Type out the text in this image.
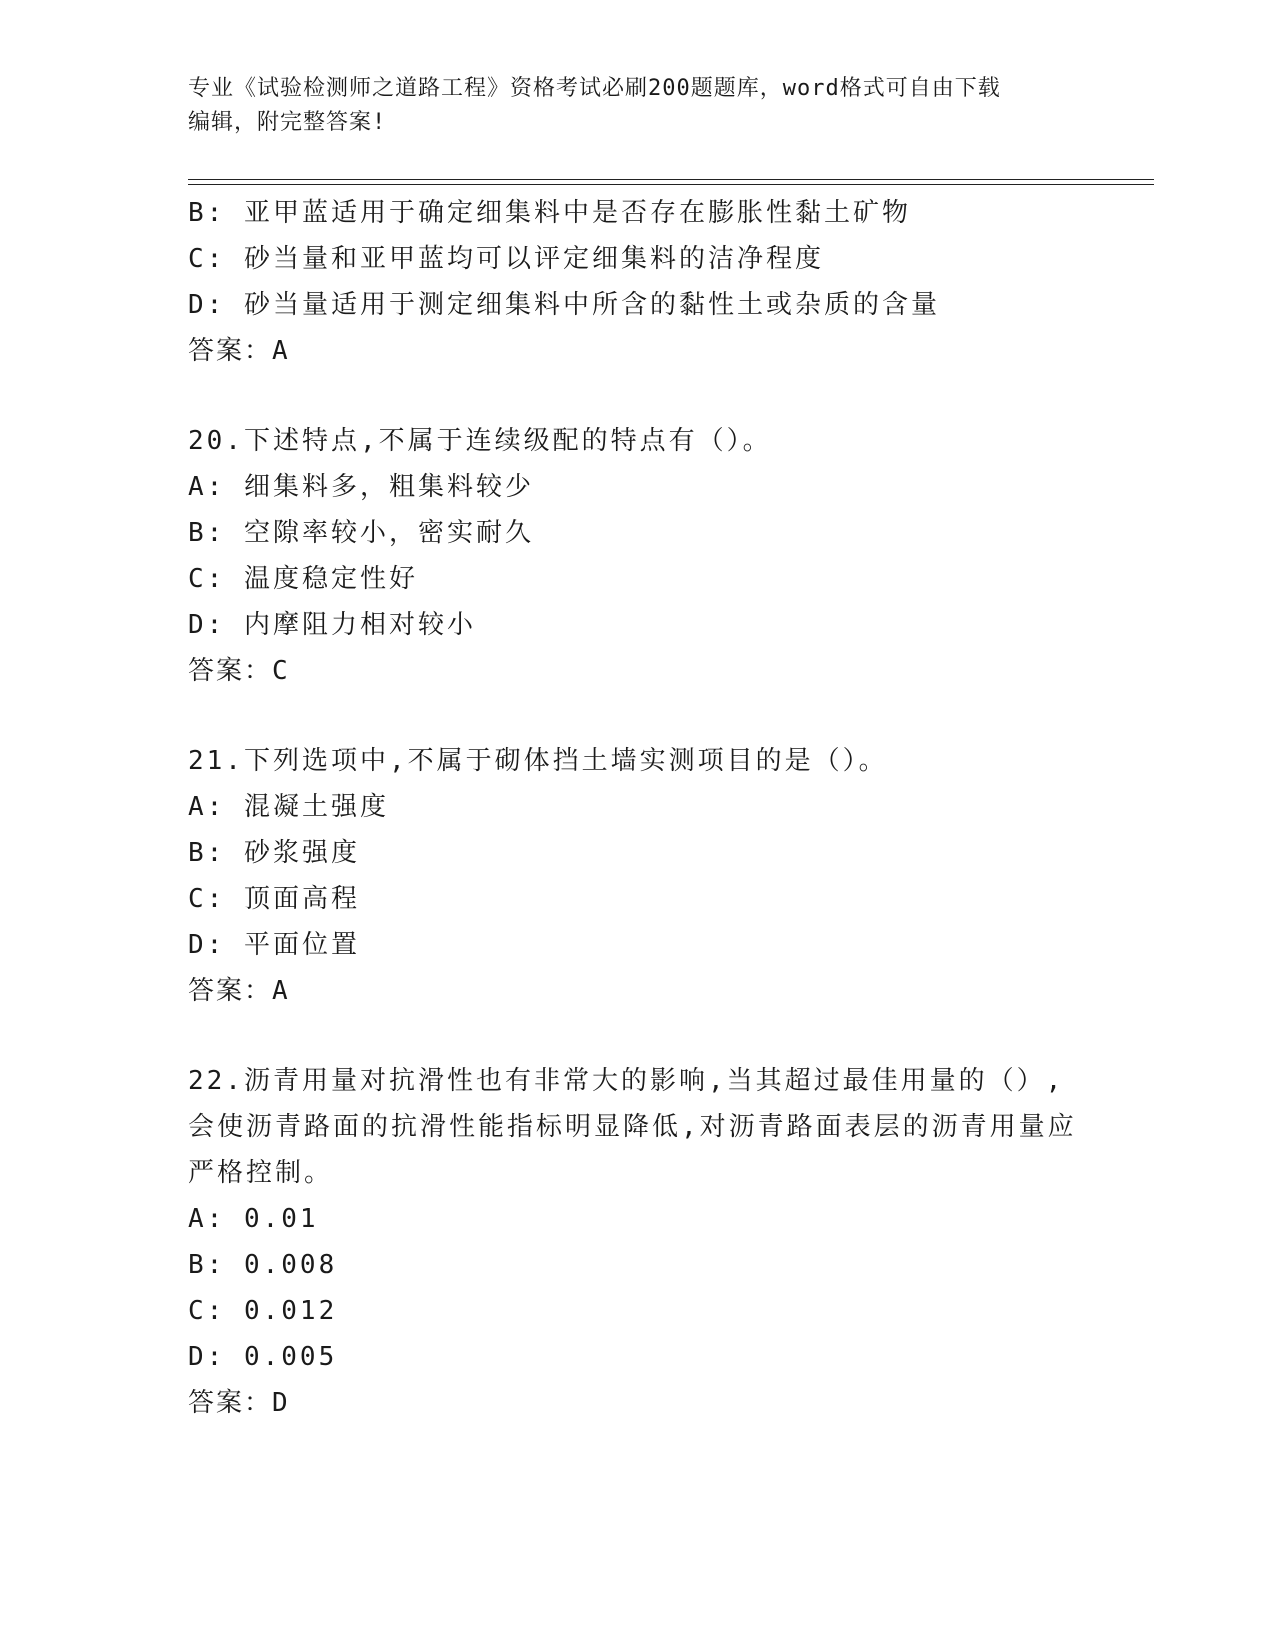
专业《试验检测师之道路工程》资格考试必刷200题题库，word格式可自由下载
编辑，附完整答案!
B: 亚甲蓝适用于确定细集料中是否存在膨胀性黏土矿物
C: 砂当量和亚甲蓝均可以评定细集料的洁净程度
D: 砂当量适用于测定细集料中所含的黏性土或杂质的含量
答案：A
20.下述特点,不属于连续级配的特点有（）。
A: 细集料多，粗集料较少
B: 空隙率较小，密实耐久
C: 温度稳定性好
D: 内摩阻力相对较小
答案：C
21.下列选项中,不属于砌体挡土墙实测项目的是（）。
A: 混凝土强度
B: 砂浆强度
C: 顶面高程
D: 平面位置
答案：A
22.沥青用量对抗滑性也有非常大的影响,当其超过最佳用量的（）,会使沥青路面的抗滑性能指标明显降低,对沥青路面表层的沥青用量应严格控制。
A: 0.01
B: 0.008
C: 0.012
D: 0.005
答案：D
